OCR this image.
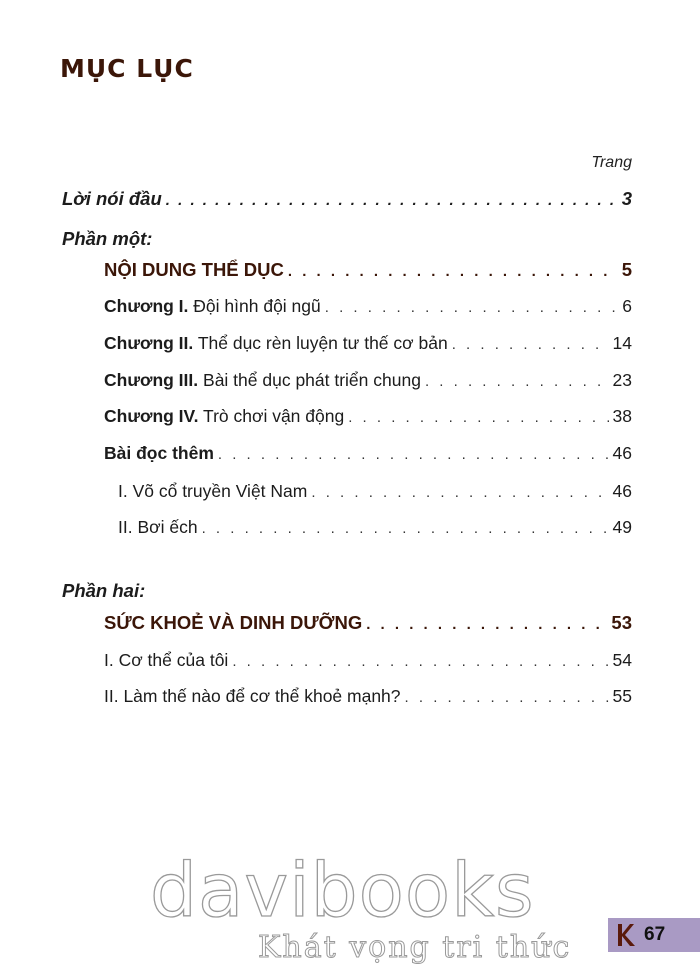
MỤC LỤC
Trang
Lời nói đầu . . .	3
Phần một:
NỘI DUNG THỂ DỤC . . .	5
Chương I. Đội hình đội ngũ . . .	6
Chương II. Thể dục rèn luyện tư thế cơ bản . . .	14
Chương III. Bài thể dục phát triển chung . . .	23
Chương IV. Trò chơi vận động . . .	38
Bài đọc thêm . . .	46
I. Võ cổ truyền Việt Nam . . .	46
II. Bơi ếch . . .	49
Phần hai:
SỨC KHOẺ VÀ DINH DƯỠNG . . .	53
I. Cơ thể của tôi . . .	54
II. Làm thế nào để cơ thể khoẻ mạnh? . . .	55
davibooks
Khát vọng tri thức	67
